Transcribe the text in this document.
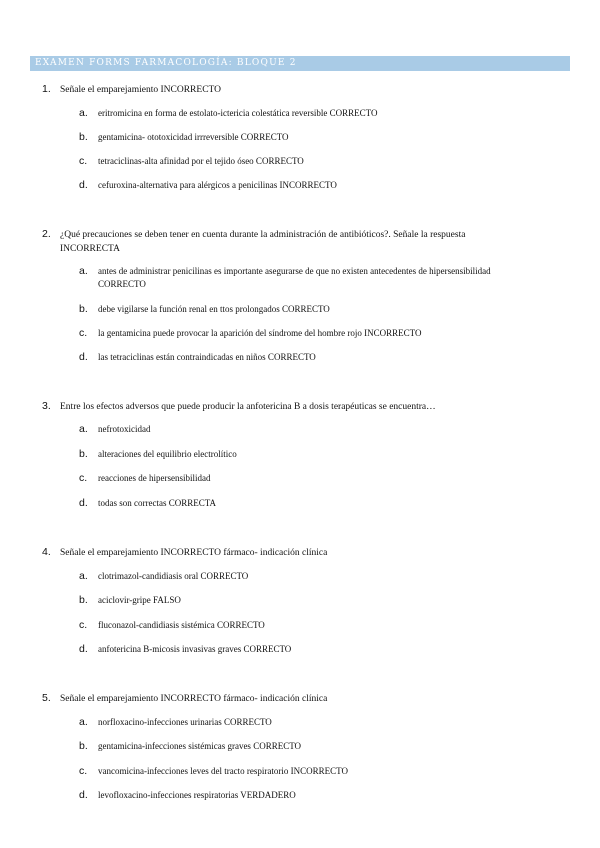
EXAMEN FORMS FARMACOLOGÍA: BLOQUE 2
1. Señale el emparejamiento INCORRECTO
a. eritromicina en forma de estolato-ictericia colestática reversible CORRECTO
b. gentamicina- ototoxicidad irrreversible CORRECTO
c. tetraciclinas-alta afinidad por el tejido óseo CORRECTO
d. cefuroxina-alternativa para alérgicos a penicilinas INCORRECTO
2. ¿Qué precauciones se deben tener en cuenta durante la administración de antibióticos?. Señale la respuesta INCORRECTA
a. antes de administrar penicilinas es importante asegurarse de que no existen antecedentes de hipersensibilidad CORRECTO
b. debe vigilarse la función renal en ttos prolongados CORRECTO
c. la gentamicina puede provocar la aparición del síndrome del hombre rojo INCORRECTO
d. las tetraciclinas están contraindicadas en niños CORRECTO
3. Entre los efectos adversos que puede producir la anfotericina B a dosis terapéuticas se encuentra…
a. nefrotoxicidad
b. alteraciones del equilibrio electrolítico
c. reacciones de hipersensibilidad
d. todas son correctas CORRECTA
4. Señale el emparejamiento INCORRECTO fármaco- indicación clínica
a. clotrimazol-candidiasis oral CORRECTO
b. aciclovir-gripe FALSO
c. fluconazol-candidiasis sistémica CORRECTO
d. anfotericina B-micosis invasivas graves CORRECTO
5. Señale el emparejamiento INCORRECTO fármaco- indicación clínica
a. norfloxacino-infecciones urinarias CORRECTO
b. gentamicina-infecciones sistémicas graves CORRECTO
c. vancomicina-infecciones leves del tracto respiratorio INCORRECTO
d. levofloxacino-infecciones respiratorias VERDADERO
